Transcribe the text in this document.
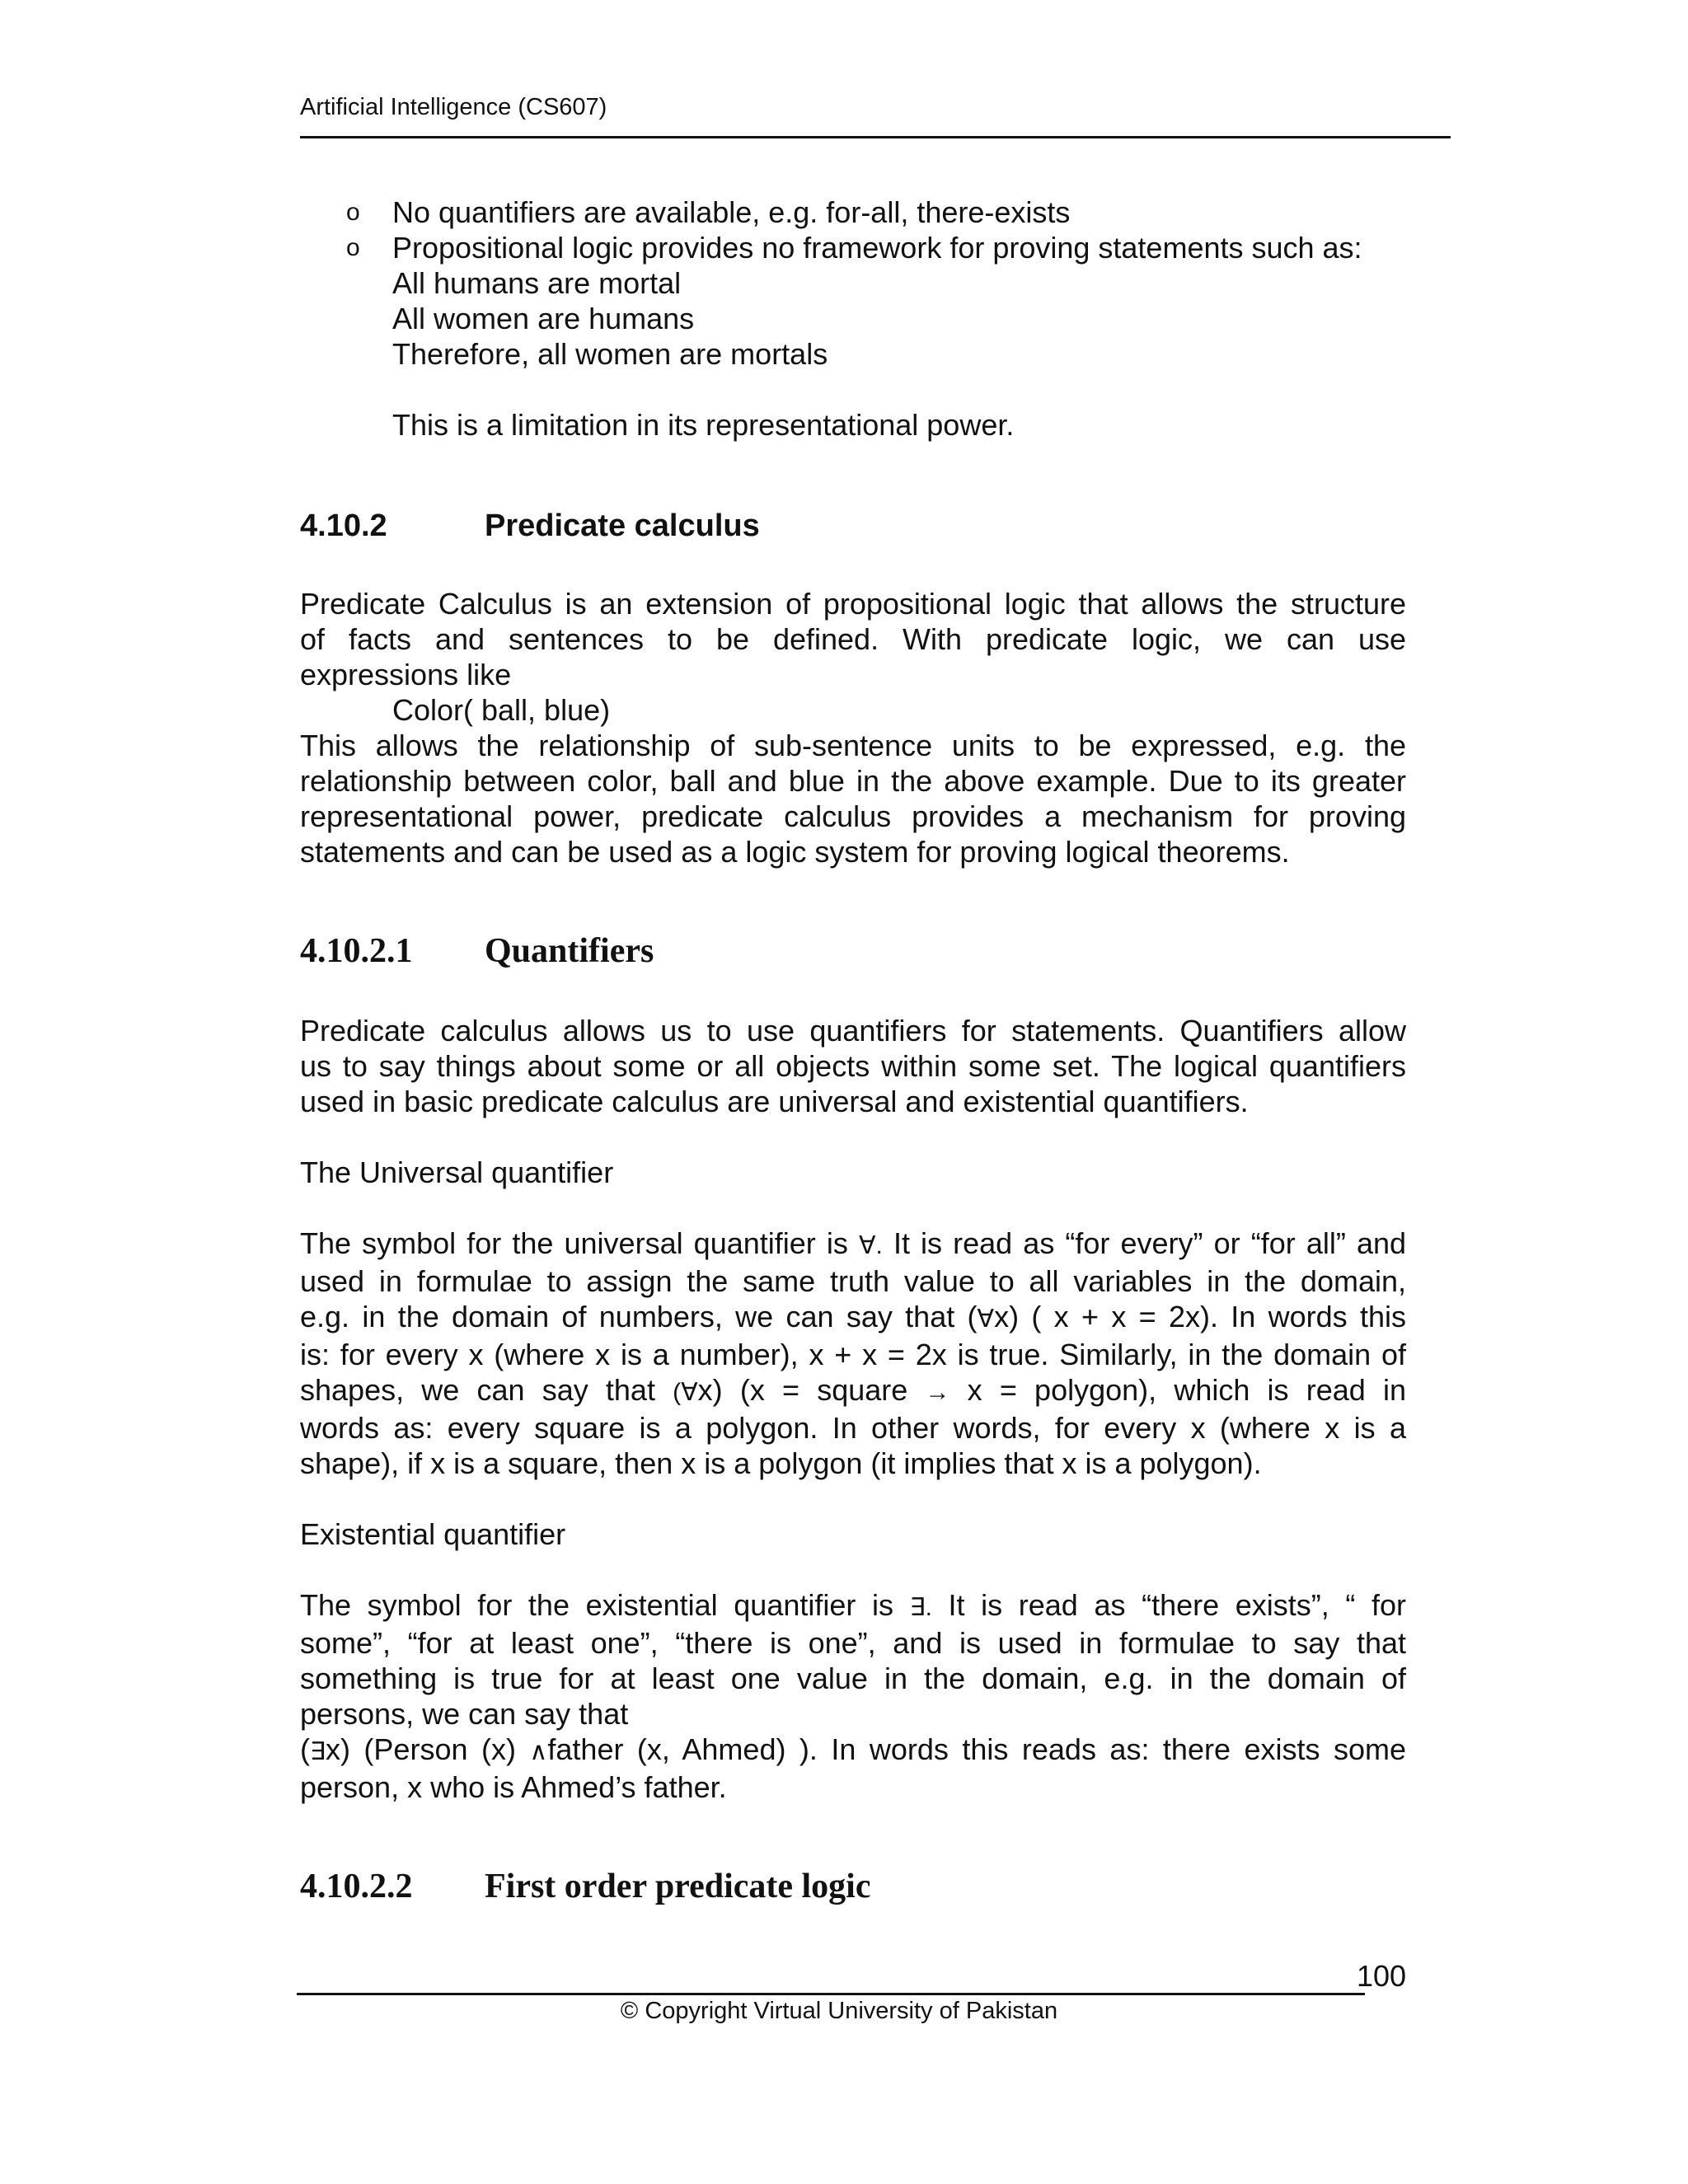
Artificial Intelligence (CS607)
o No quantifiers are available, e.g. for-all, there-exists
o Propositional logic provides no framework for proving statements such as:
All humans are mortal
All women are humans
Therefore, all women are mortals
This is a limitation in its representational power.
4.10.2	Predicate calculus
Predicate Calculus is an extension of propositional logic that allows the structure
of facts and sentences to be defined. With predicate logic, we can use
expressions like
Color( ball, blue)
This allows the relationship of sub-sentence units to be expressed, e.g. the
relationship between color, ball and blue in the above example. Due to its greater
representational power, predicate calculus provides a mechanism for proving
statements and can be used as a logic system for proving logical theorems.
4.10.2.1	Quantifiers
Predicate calculus allows us to use quantifiers for statements. Quantifiers allow
us to say things about some or all objects within some set. The logical quantifiers
used in basic predicate calculus are universal and existential quantifiers.
The Universal quantifier
The symbol for the universal quantifier is ∀. It is read as “for every” or “for all” and
used in formulae to assign the same truth value to all variables in the domain,
e.g. in the domain of numbers, we can say that (∀x) ( x + x = 2x). In words this
is: for every x (where x is a number), x + x = 2x is true. Similarly, in the domain of
shapes, we can say that (∀x) (x = square → x = polygon), which is read in
words as: every square is a polygon. In other words, for every x (where x is a
shape), if x is a square, then x is a polygon (it implies that x is a polygon).
Existential quantifier
The symbol for the existential quantifier is ∃. It is read as “there exists”, “ for
some”, “for at least one”, “there is one”, and is used in formulae to say that
something is true for at least one value in the domain, e.g. in the domain of
persons, we can say that
(∃x) (Person (x) ∧father (x, Ahmed) ). In words this reads as: there exists some
person, x who is Ahmed’s father.
4.10.2.2	First order predicate logic
100
© Copyright Virtual University of Pakistan
